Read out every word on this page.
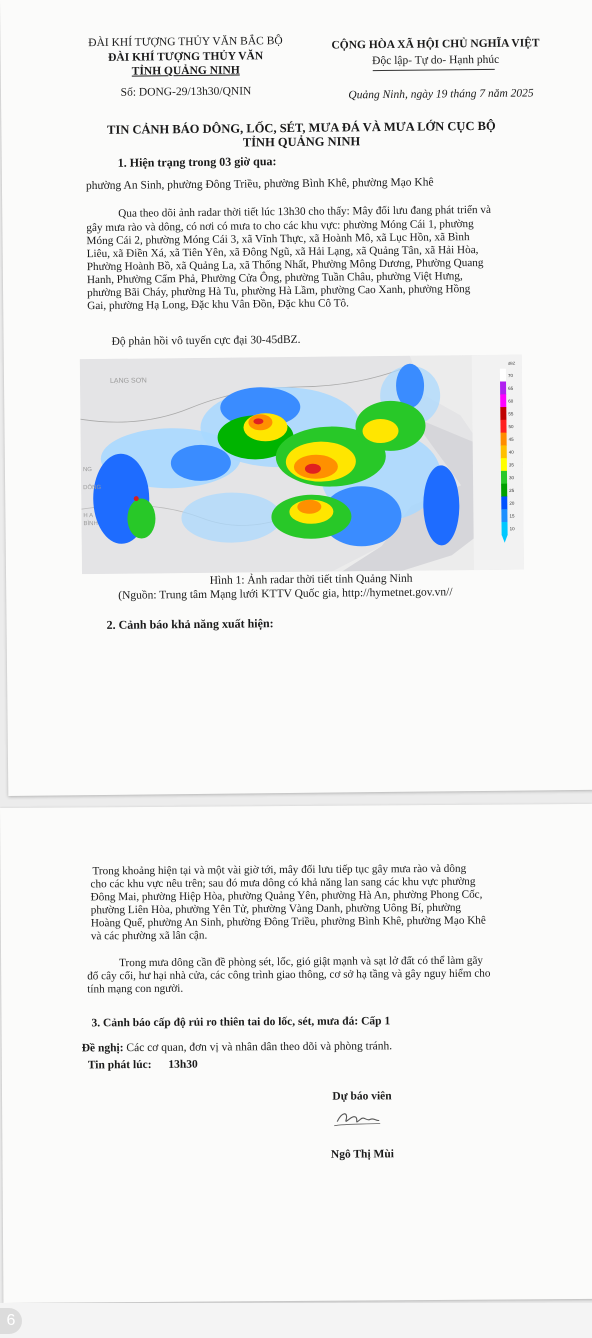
ĐÀI KHÍ TƯỢNG THỦY VĂN BẮC BỘ
ĐÀI KHÍ TƯỢNG THỦY VĂN
TỈNH QUẢNG NINH
Số: DONG-29/13h30/QNIN
CỘNG HÒA XÃ HỘI CHỦ NGHĨA VIỆT
Độc lập- Tự do- Hạnh phúc
Quảng Ninh, ngày 19 tháng 7 năm 2025
TIN CẢNH BÁO DÔNG, LỐC, SÉT, MƯA ĐÁ VÀ MƯA LỚN CỤC BỘ
TỈNH QUẢNG NINH
1. Hiện trạng trong 03 giờ qua:
phường An Sinh, phường Đông Triều, phường Bình Khê, phường Mạo Khê
Qua theo dõi ảnh radar thời tiết lúc 13h30 cho thấy: Mây đối lưu đang phát triển và
gây mưa rào và dông, có nơi có mưa to cho các khu vực: phường Móng Cái 1, phường
Móng Cái 2, phường Móng Cái 3, xã Vĩnh Thực, xã Hoành Mô, xã Lục Hồn, xã Bình
Liêu, xã Điền Xá, xã Tiên Yên, xã Đông Ngũ, xã Hải Lạng, xã Quảng Tân, xã Hải Hòa,
Phường Hoành Bồ, xã Quảng La, xã Thống Nhất, Phường Mông Dương, Phường Quang
Hanh, Phường Cẩm Phả, Phường Cửa Ông, phường Tuần Châu, phường Việt Hưng,
phường Bãi Cháy, phường Hà Tu, phường Hà Lầm, phường Cao Xanh, phường Hồng
Gai, phường Hạ Long, Đặc khu Vân Đồn, Đặc khu Cô Tô.
Độ phản hồi vô tuyến cực đại 30-45dBZ.
LẠNG SƠN
NG
DÔNG
H A
BÌNH
70
65
60
55
50
45
40
35
30
25
20
15
10
dBZ
Hình 1: Ảnh radar thời tiết tỉnh Quảng Ninh
(Nguồn: Trung tâm Mạng lưới KTTV Quốc gia, http://hymetnet.gov.vn//
2. Cảnh báo khả năng xuất hiện:
Trong khoảng hiện tại và một vài giờ tới, mây đối lưu tiếp tục gây mưa rào và dông
cho các khu vực nêu trên; sau đó mưa dông có khả năng lan sang các khu vực phường
Đông Mai, phường Hiệp Hòa, phường Quảng Yên, phường Hà An, phường Phong Cốc,
phường Liên Hòa, phường Yên Tử, phường Vàng Danh, phường Uông Bí, phường
Hoàng Quế, phường An Sinh, phường Đông Triều, phường Bình Khê, phường Mạo Khê
và các phường xã lân cận.
Trong mưa dông cần đề phòng sét, lốc, gió giật mạnh và sạt lở đất có thể làm gãy
đổ cây cối, hư hại nhà cửa, các công trình giao thông, cơ sở hạ tầng và gây nguy hiểm cho
tính mạng con người.
3. Cảnh báo cấp độ rủi ro thiên tai do lốc, sét, mưa đá: Cấp 1
Đề nghị: Các cơ quan, đơn vị và nhân dân theo dõi và phòng tránh.
Tin phát lúc: 13h30
Dự báo viên
Ngô Thị Mùi
6
